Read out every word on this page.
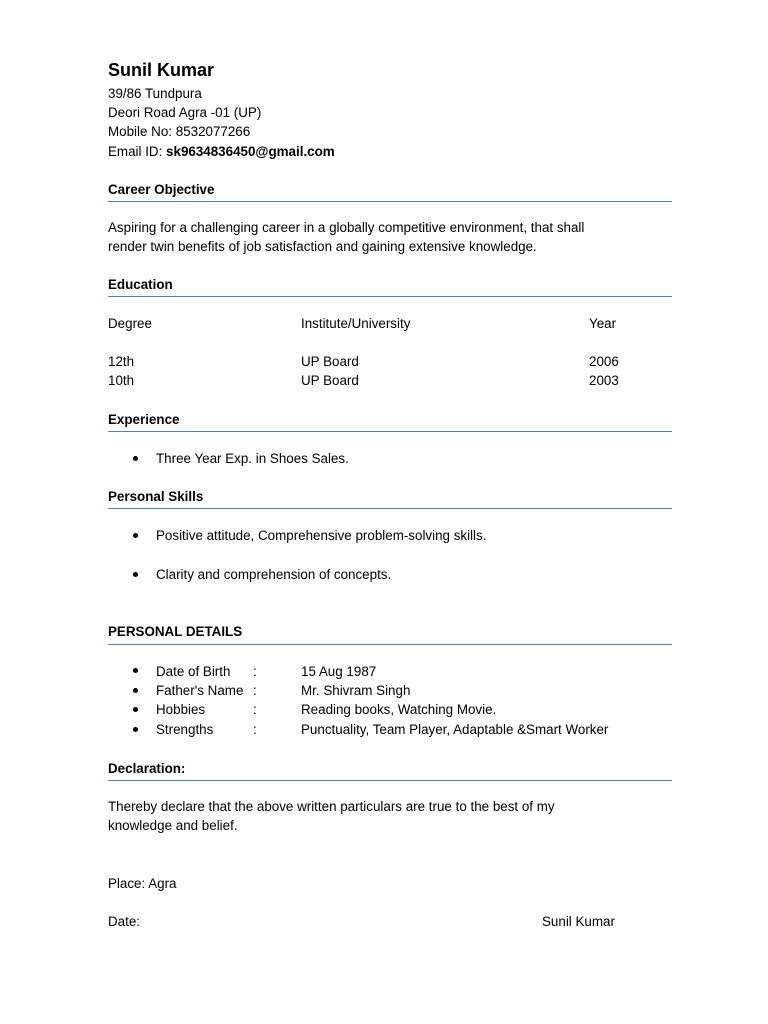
Sunil Kumar
39/86 Tundpura
Deori Road Agra -01 (UP)
Mobile No: 8532077266
Email ID: sk9634836450@gmail.com
Career Objective
Aspiring for a challenging career in a globally competitive environment, that shall
render twin benefits of job satisfaction and gaining extensive knowledge.
Education
Degree	Institute/University	Year
12th	UP Board	2006
10th	UP Board	2003
Experience
Three Year Exp. in Shoes Sales.
Personal Skills
Positive attitude, Comprehensive problem-solving skills.
Clarity and comprehension of concepts.
PERSONAL DETAILS
Date of Birth :	15 Aug 1987
Father's Name :	Mr. Shivram Singh
Hobbies	:	Reading books, Watching Movie.
Strengths	:	Punctuality, Team Player, Adaptable &Smart Worker
Declaration:
Thereby declare that the above written particulars are true to the best of my
knowledge and belief.
Place: Agra
Date:	Sunil Kumar
